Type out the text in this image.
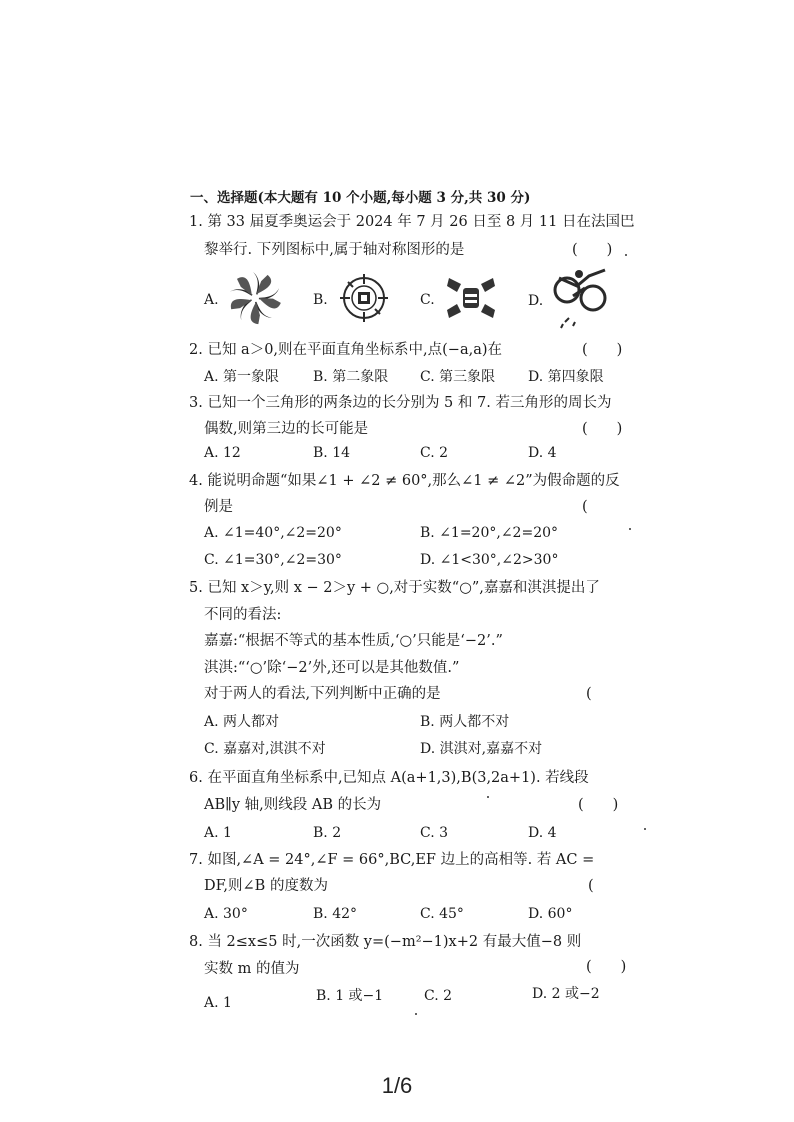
一、选择题(本大题有 10 个小题,每小题 3 分,共 30 分)
1. 第 33 届夏季奥运会于 2024 年 7 月 26 日至 8 月 11 日在法国巴
黎举行. 下列图标中,属于轴对称图形的是	(　　)
A.	B.	C.	D.
2. 已知 a＞0,则在平面直角坐标系中,点(−a,a)在	(　　)
A. 第一象限 B. 第二象限 C. 第三象限 D. 第四象限
3. 已知一个三角形的两条边的长分别为 5 和 7. 若三角形的周长为
偶数,则第三边的长可能是	(　　)
A. 12	B. 14	C. 2	D. 4
4. 能说明命题“如果∠1 + ∠2 ≠ 60°,那么∠1 ≠ ∠2”为假命题的反
例是	(
A. ∠1=40°,∠2=20°	B. ∠1=20°,∠2=20°
C. ∠1=30°,∠2=30°	D. ∠1<30°,∠2>30°
5. 已知 x＞y,则 x − 2＞y + ○,对于实数“○”,嘉嘉和淇淇提出了
不同的看法:
嘉嘉:“根据不等式的基本性质,‘○’只能是‘−2’.”
淇淇:“‘○’除‘−2’外,还可以是其他数值.”
对于两人的看法,下列判断中正确的是	(
A. 两人都对	B. 两人都不对
C. 嘉嘉对,淇淇不对	D. 淇淇对,嘉嘉不对
6. 在平面直角坐标系中,已知点 A(a+1,3),B(3,2a+1). 若线段
AB∥y 轴,则线段 AB 的长为	(　　)
A. 1	B. 2	C. 3	D. 4
7. 如图,∠A = 24°,∠F = 66°,BC,EF 边上的高相等. 若 AC =
DF,则∠B 的度数为	(
A. 30°	B. 42°	C. 45°	D. 60°
8. 当 2≤x≤5 时,一次函数 y=(−m²−1)x+2 有最大值−8 则
实数 m 的值为	(　　)
A. 1	B. 1 或−1	C. 2	D. 2 或−2
1/6
